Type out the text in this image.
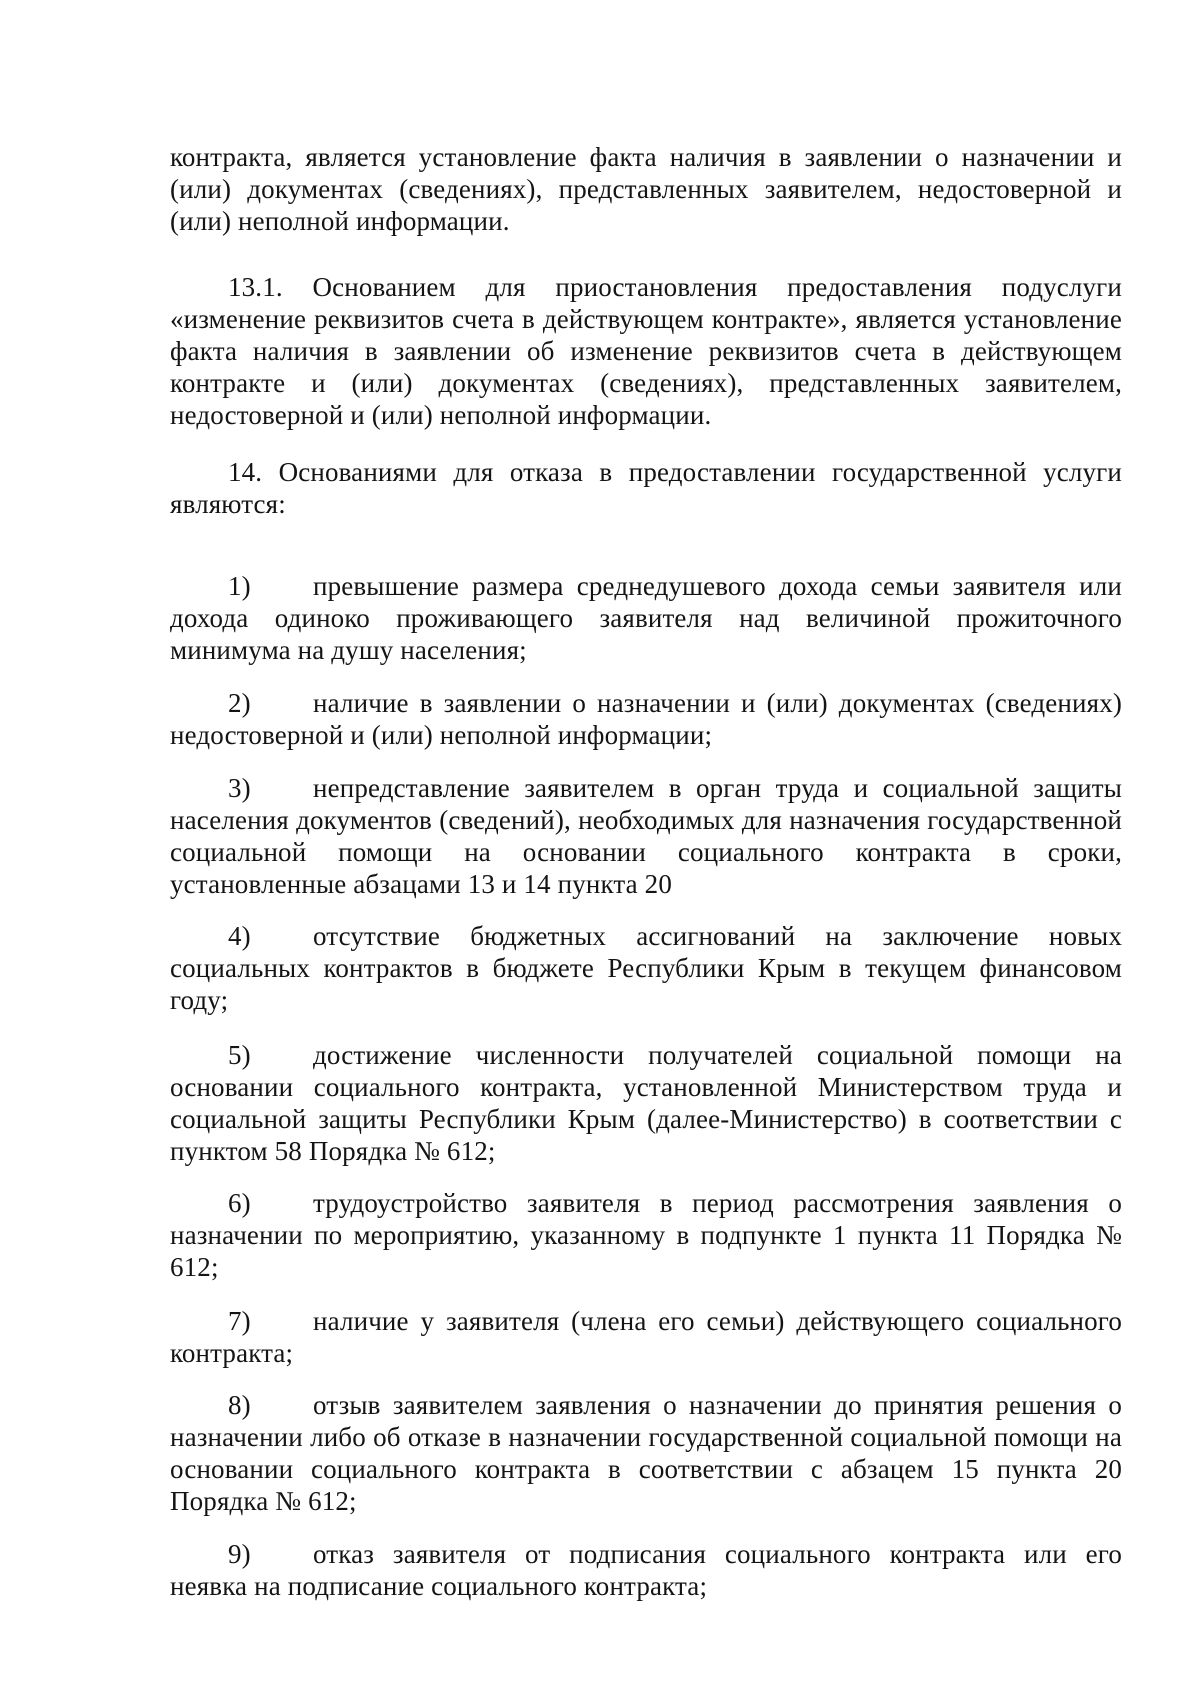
контракта, является установление факта наличия в заявлении о назначении и (или) документах (сведениях), представленных заявителем, недостоверной и (или) неполной информации.

13.1. Основанием для приостановления предоставления подуслуги «изменение реквизитов счета в действующем контракте», является установление факта наличия в заявлении об изменение реквизитов счета в действующем контракте и (или) документах (сведениях), представленных заявителем, недостоверной и (или) неполной информации.

14. Основаниями для отказа в предоставлении государственной услуги являются:

1) превышение размера среднедушевого дохода семьи заявителя или дохода одиноко проживающего заявителя над величиной прожиточного минимума на душу населения;

2) наличие в заявлении о назначении и (или) документах (сведениях) недостоверной и (или) неполной информации;

3) непредставление заявителем в орган труда и социальной защиты населения документов (сведений), необходимых для назначения государственной социальной помощи на основании социального контракта в сроки, установленные абзацами 13 и 14 пункта 20

4) отсутствие бюджетных ассигнований на заключение новых социальных контрактов в бюджете Республики Крым в текущем финансовом году;

5) достижение численности получателей социальной помощи на основании социального контракта, установленной Министерством труда и социальной защиты Республики Крым (далее-Министерство) в соответствии с пунктом 58 Порядка № 612;

6) трудоустройство заявителя в период рассмотрения заявления о назначении по мероприятию, указанному в подпункте 1 пункта 11 Порядка № 612;

7) наличие у заявителя (члена его семьи) действующего социального контракта;

8) отзыв заявителем заявления о назначении до принятия решения о назначении либо об отказе в назначении государственной социальной помощи на основании социального контракта в соответствии с абзацем 15 пункта 20 Порядка № 612;

9) отказ заявителя от подписания социального контракта или его неявка на подписание социального контракта;
